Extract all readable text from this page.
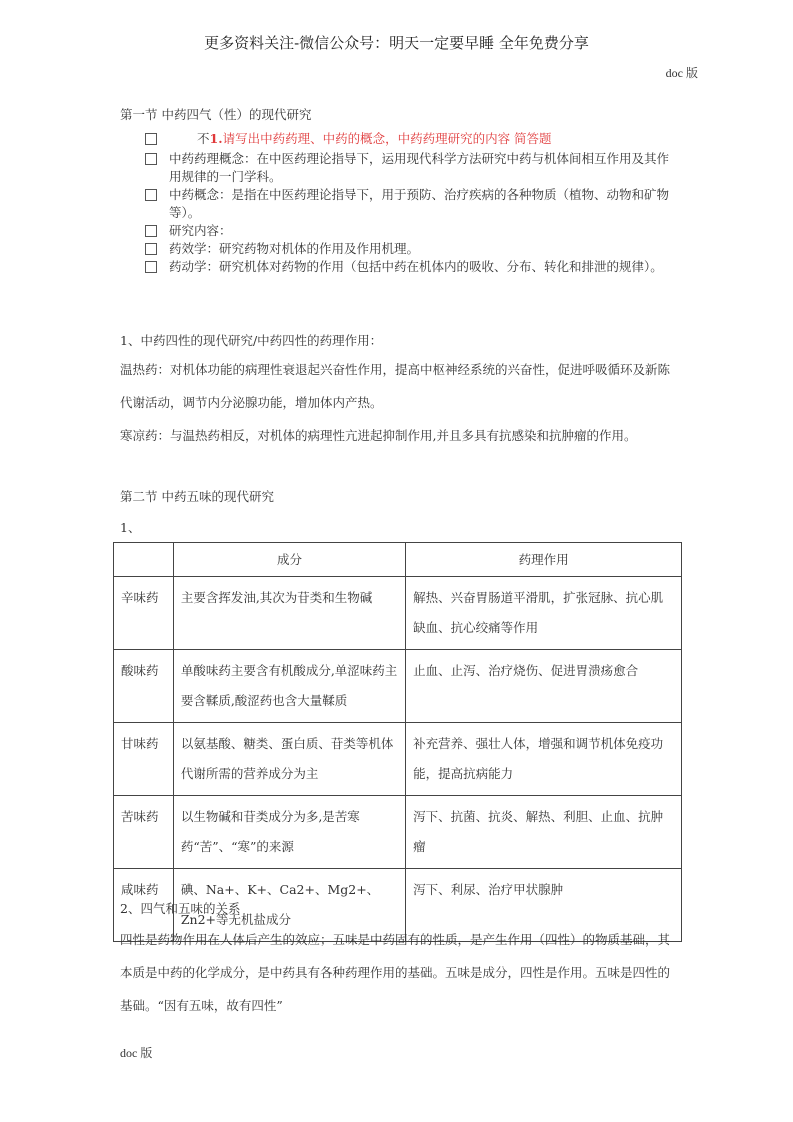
更多资料关注-微信公众号：明天一定要早睡 全年免费分享
doc 版
第一节 中药四气（性）的现代研究
不1.请写出中药药理、中药的概念，中药药理研究的内容 简答题
中药药理概念：在中医药理论指导下，运用现代科学方法研究中药与机体间相互作用及其作用规律的一门学科。
中药概念：是指在中医药理论指导下，用于预防、治疗疾病的各种物质（植物、动物和矿物等）。
研究内容：
药效学：研究药物对机体的作用及作用机理。
药动学：研究机体对药物的作用（包括中药在机体内的吸收、分布、转化和排泄的规律）。
1、中药四性的现代研究/中药四性的药理作用：
温热药：对机体功能的病理性衰退起兴奋性作用，提高中枢神经系统的兴奋性，促进呼吸循环及新陈代谢活动，调节内分泌腺功能，增加体内产热。
寒凉药：与温热药相反，对机体的病理性亢进起抑制作用,并且多具有抗感染和抗肿瘤的作用。
第二节 中药五味的现代研究
1、
	成分	药理作用
辛味药	主要含挥发油,其次为苷类和生物碱	解热、兴奋胃肠道平滑肌，扩张冠脉、抗心肌缺血、抗心绞痛等作用
酸味药	单酸味药主要含有机酸成分,单涩味药主要含鞣质,酸涩药也含大量鞣质	止血、止泻、治疗烧伤、促进胃溃疡愈合
甘味药	以氨基酸、糖类、蛋白质、苷类等机体代谢所需的营养成分为主	补充营养、强壮人体，增强和调节机体免疫功能，提高抗病能力
苦味药	以生物碱和苷类成分为多,是苦寒药“苦”、“寒”的来源	泻下、抗菌、抗炎、解热、利胆、止血、抗肿瘤
咸味药	碘、Na+、K+、Ca2+、Mg2+、Zn2+等无机盐成分	泻下、利尿、治疗甲状腺肿
2、四气和五味的关系
四性是药物作用在人体后产生的效应；五味是中药固有的性质，是产生作用（四性）的物质基础，其本质是中药的化学成分，是中药具有各种药理作用的基础。五味是成分，四性是作用。五味是四性的基础。“因有五味，故有四性”
doc 版
